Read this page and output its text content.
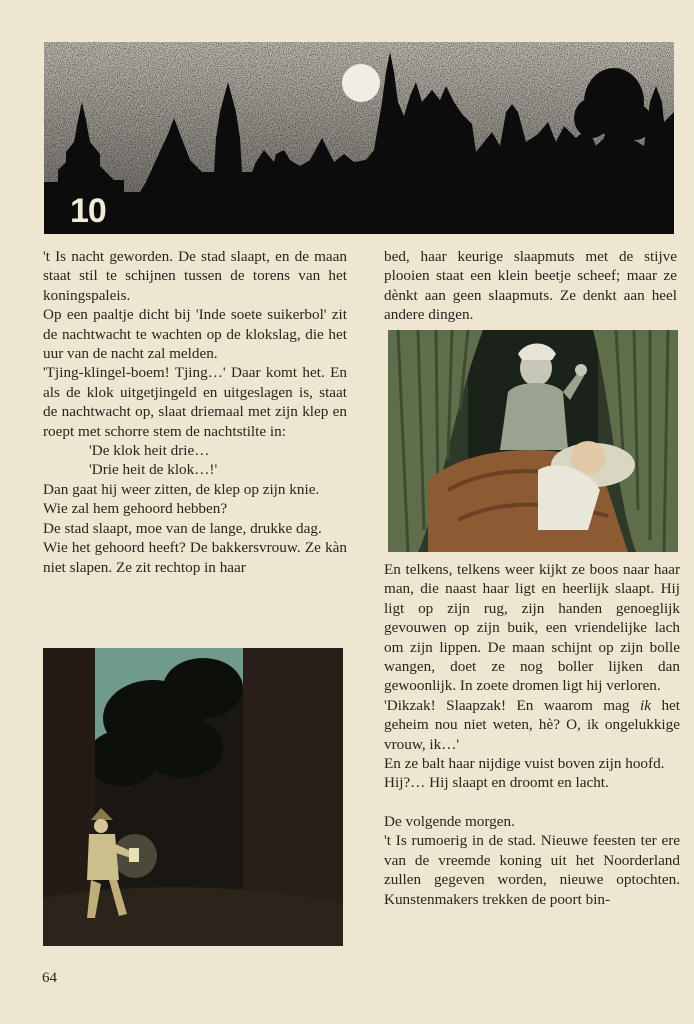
10

't Is nacht geworden. De stad slaapt, en de maan staat stil te schijnen tussen de torens van het koningspaleis.

Op een paaltje dicht bij 'Inde soete suikerbol' zit de nachtwacht te wachten op de klokslag, die het uur van de nacht zal melden.

'Tjing-klingel-boem! Tjing…' Daar komt het. En als de klok uitgetjingeld en uitgeslagen is, staat de nachtwacht op, slaat driemaal met zijn klep en roept met schorre stem de nachtstilte in:

'De klok heit drie…

'Drie heit de klok…!'

Dan gaat hij weer zitten, de klep op zijn knie.

Wie zal hem gehoord hebben?

De stad slaapt, moe van de lange, drukke dag.

Wie het gehoord heeft? De bakkersvrouw. Ze kàn niet slapen. Ze zit rechtop in haar

bed, haar keurige slaapmuts met de stijve plooien staat een klein beetje scheef; maar ze dènkt aan geen slaapmuts. Ze denkt aan heel andere dingen.

En telkens, telkens weer kijkt ze boos naar haar man, die naast haar ligt en heerlijk slaapt. Hij ligt op zijn rug, zijn handen genoeglijk gevouwen op zijn buik, een vriendelijke lach om zijn lippen. De maan schijnt op zijn bolle wangen, doet ze nog boller lijken dan gewoonlijk. In zoete dromen ligt hij verloren.

'Dikzak! Slaapzak! En waarom mag ik het geheim nou niet weten, hè? O, ik ongelukkige vrouw, ik…'

En ze balt haar nijdige vuist boven zijn hoofd.

Hij?… Hij slaapt en droomt en lacht.

De volgende morgen.

't Is rumoerig in de stad. Nieuwe feesten ter ere van de vreemde koning uit het Noorderland zullen gegeven worden, nieuwe optochten. Kunstenmakers trekken de poort bin-

64
